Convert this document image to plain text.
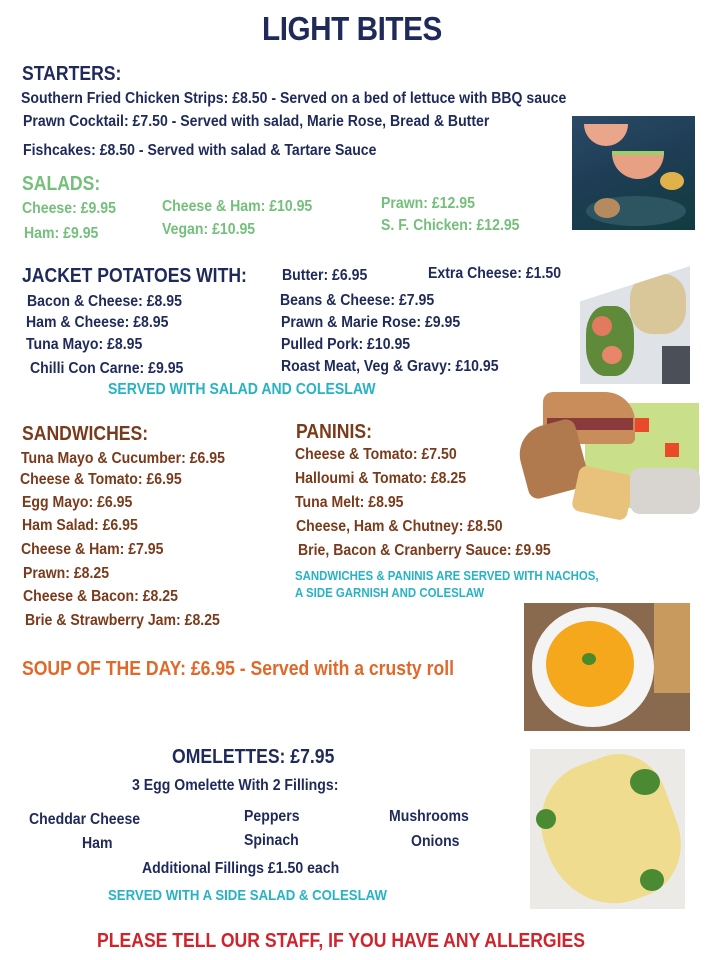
LIGHT BITES
STARTERS:
Southern Fried Chicken Strips: £8.50 - Served on a bed of lettuce with BBQ sauce
Prawn Cocktail: £7.50 - Served with salad, Marie Rose, Bread & Butter
Fishcakes: £8.50 - Served with salad & Tartare Sauce
SALADS:
Cheese: £9.95
Ham: £9.95
Cheese & Ham: £10.95
Vegan: £10.95
Prawn: £12.95
S. F. Chicken: £12.95
JACKET POTATOES WITH: Butter: £6.95	Extra Cheese: £1.50
Bacon & Cheese: £8.95
Ham & Cheese: £8.95
Tuna Mayo: £8.95
Chilli Con Carne: £9.95
Beans & Cheese: £7.95
Prawn & Marie Rose: £9.95
Pulled Pork: £10.95
Roast Meat, Veg & Gravy: £10.95
SERVED WITH SALAD AND COLESLAW
SANDWICHES:
Tuna Mayo & Cucumber: £6.95
Cheese & Tomato: £6.95
Egg Mayo: £6.95
Ham Salad: £6.95
Cheese & Ham: £7.95
Prawn: £8.25
Cheese & Bacon: £8.25
Brie & Strawberry Jam: £8.25
PANINIS:
Cheese & Tomato: £7.50
Halloumi & Tomato: £8.25
Tuna Melt: £8.95
Cheese, Ham & Chutney: £8.50
Brie, Bacon & Cranberry Sauce: £9.95
SANDWICHES & PANINIS ARE SERVED WITH NACHOS,
A SIDE GARNISH AND COLESLAW
SOUP OF THE DAY: £6.95 - Served with a crusty roll
OMELETTES: £7.95
3 Egg Omelette With 2 Fillings:
Cheddar Cheese
Ham
Peppers
Spinach
Mushrooms
Onions
Additional Fillings £1.50 each
SERVED WITH A SIDE SALAD & COLESLAW
PLEASE TELL OUR STAFF, IF YOU HAVE ANY ALLERGIES
